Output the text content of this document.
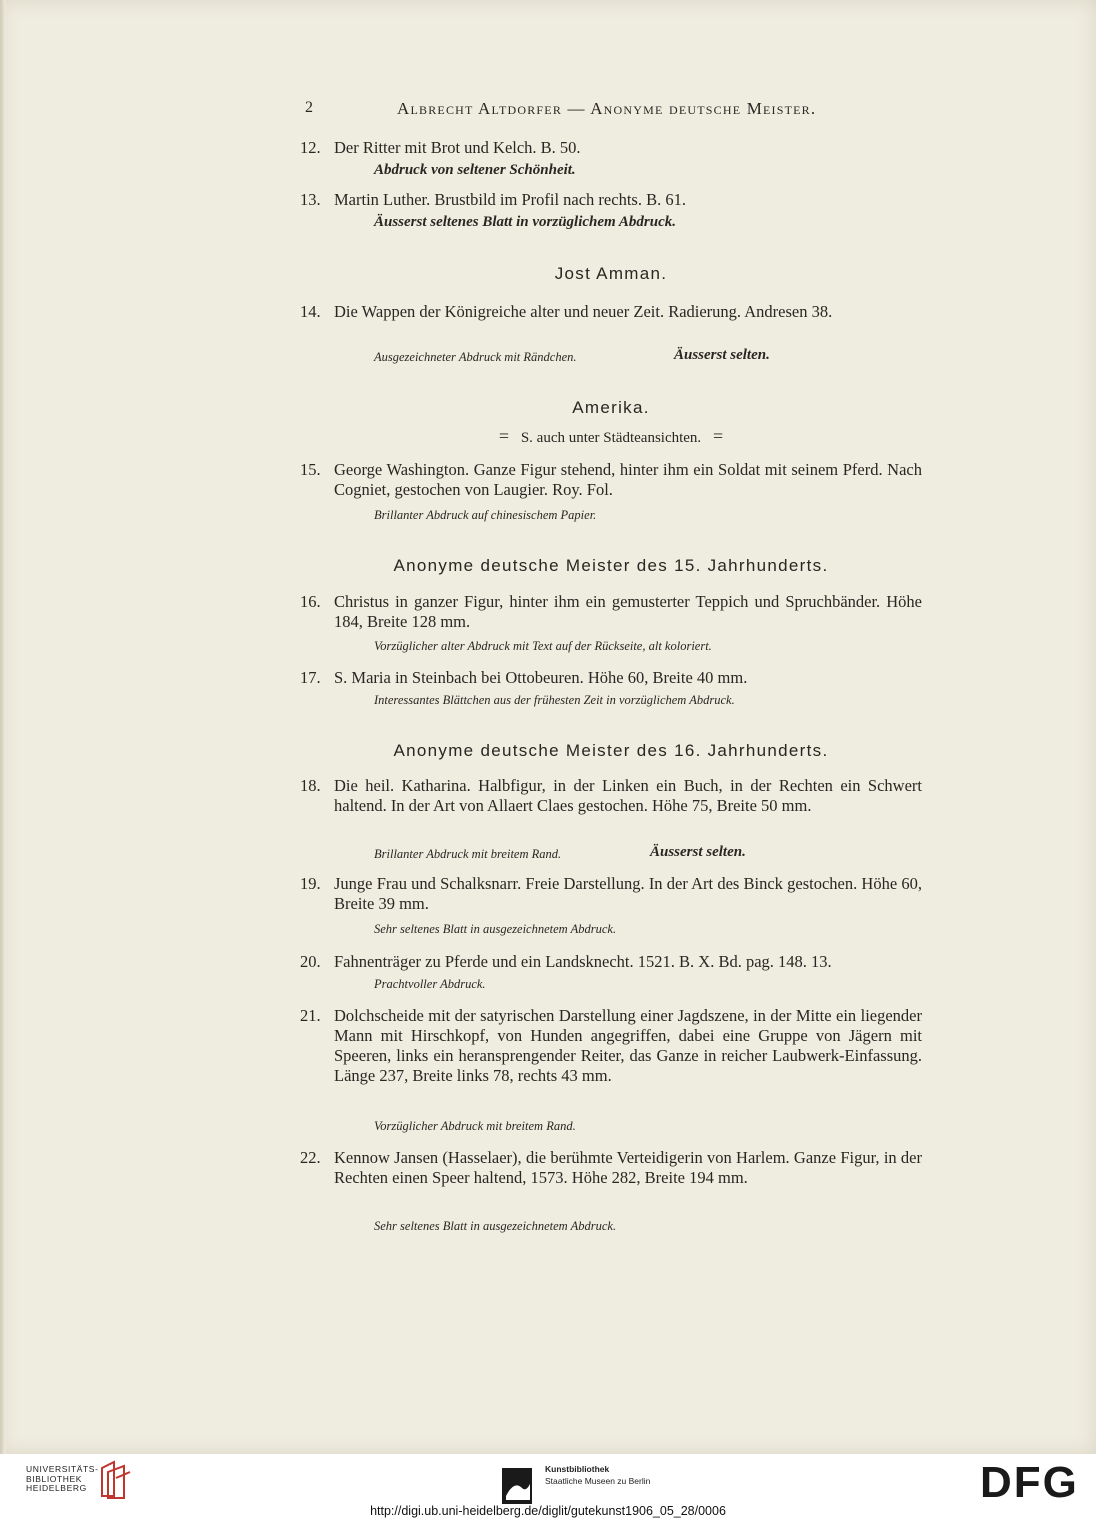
2	Albrecht Altdorfer — Anonyme deutsche Meister.
12. Der Ritter mit Brot und Kelch. B. 50.
Abdruck von seltener Schönheit.
13. Martin Luther. Brustbild im Profil nach rechts. B. 61.
Äusserst seltenes Blatt in vorzüglichem Abdruck.
Jost Amman.
14. Die Wappen der Königreiche alter und neuer Zeit. Radierung. Andresen 38.
Ausgezeichneter Abdruck mit Rändchen.	Äusserst selten.
Amerika.
= S. auch unter Städteansichten. =
15. George Washington. Ganze Figur stehend, hinter ihm ein Soldat mit seinem Pferd. Nach Cogniet, gestochen von Laugier. Roy. Fol.
Brillanter Abdruck auf chinesischem Papier.
Anonyme deutsche Meister des 15. Jahrhunderts.
16. Christus in ganzer Figur, hinter ihm ein gemusterter Teppich und Spruchbänder. Höhe 184, Breite 128 mm.
Vorzüglicher alter Abdruck mit Text auf der Rückseite, alt koloriert.
17. S. Maria in Steinbach bei Ottobeuren. Höhe 60, Breite 40 mm.
Interessantes Blättchen aus der frühesten Zeit in vorzüglichem Abdruck.
Anonyme deutsche Meister des 16. Jahrhunderts.
18. Die heil. Katharina. Halbfigur, in der Linken ein Buch, in der Rechten ein Schwert haltend. In der Art von Allaert Claes gestochen. Höhe 75, Breite 50 mm.
Brillanter Abdruck mit breitem Rand.	Äusserst selten.
19. Junge Frau und Schalksnarr. Freie Darstellung. In der Art des Binck gestochen. Höhe 60, Breite 39 mm.
Sehr seltenes Blatt in ausgezeichnetem Abdruck.
20. Fahnenträger zu Pferde und ein Landsknecht. 1521. B. X. Bd. pag. 148. 13.
Prachtvoller Abdruck.
21. Dolchscheide mit der satyrischen Darstellung einer Jagdszene, in der Mitte ein liegender Mann mit Hirschkopf, von Hunden angegriffen, dabei eine Gruppe von Jägern mit Speeren, links ein heransprengender Reiter, das Ganze in reicher Laubwerk-Einfassung. Länge 237, Breite links 78, rechts 43 mm.
Vorzüglicher Abdruck mit breitem Rand.
22. Kennow Jansen (Hasselaer), die berühmte Verteidigerin von Harlem. Ganze Figur, in der Rechten einen Speer haltend, 1573. Höhe 282, Breite 194 mm.
Sehr seltenes Blatt in ausgezeichnetem Abdruck.
UNIVERSITÄTS-
BIBLIOTHEK
HEIDELBERG
Kunstbibliothek
Staatliche Museen zu Berlin	DFG
http://digi.ub.uni-heidelberg.de/diglit/gutekunst1906_05_28/0006
